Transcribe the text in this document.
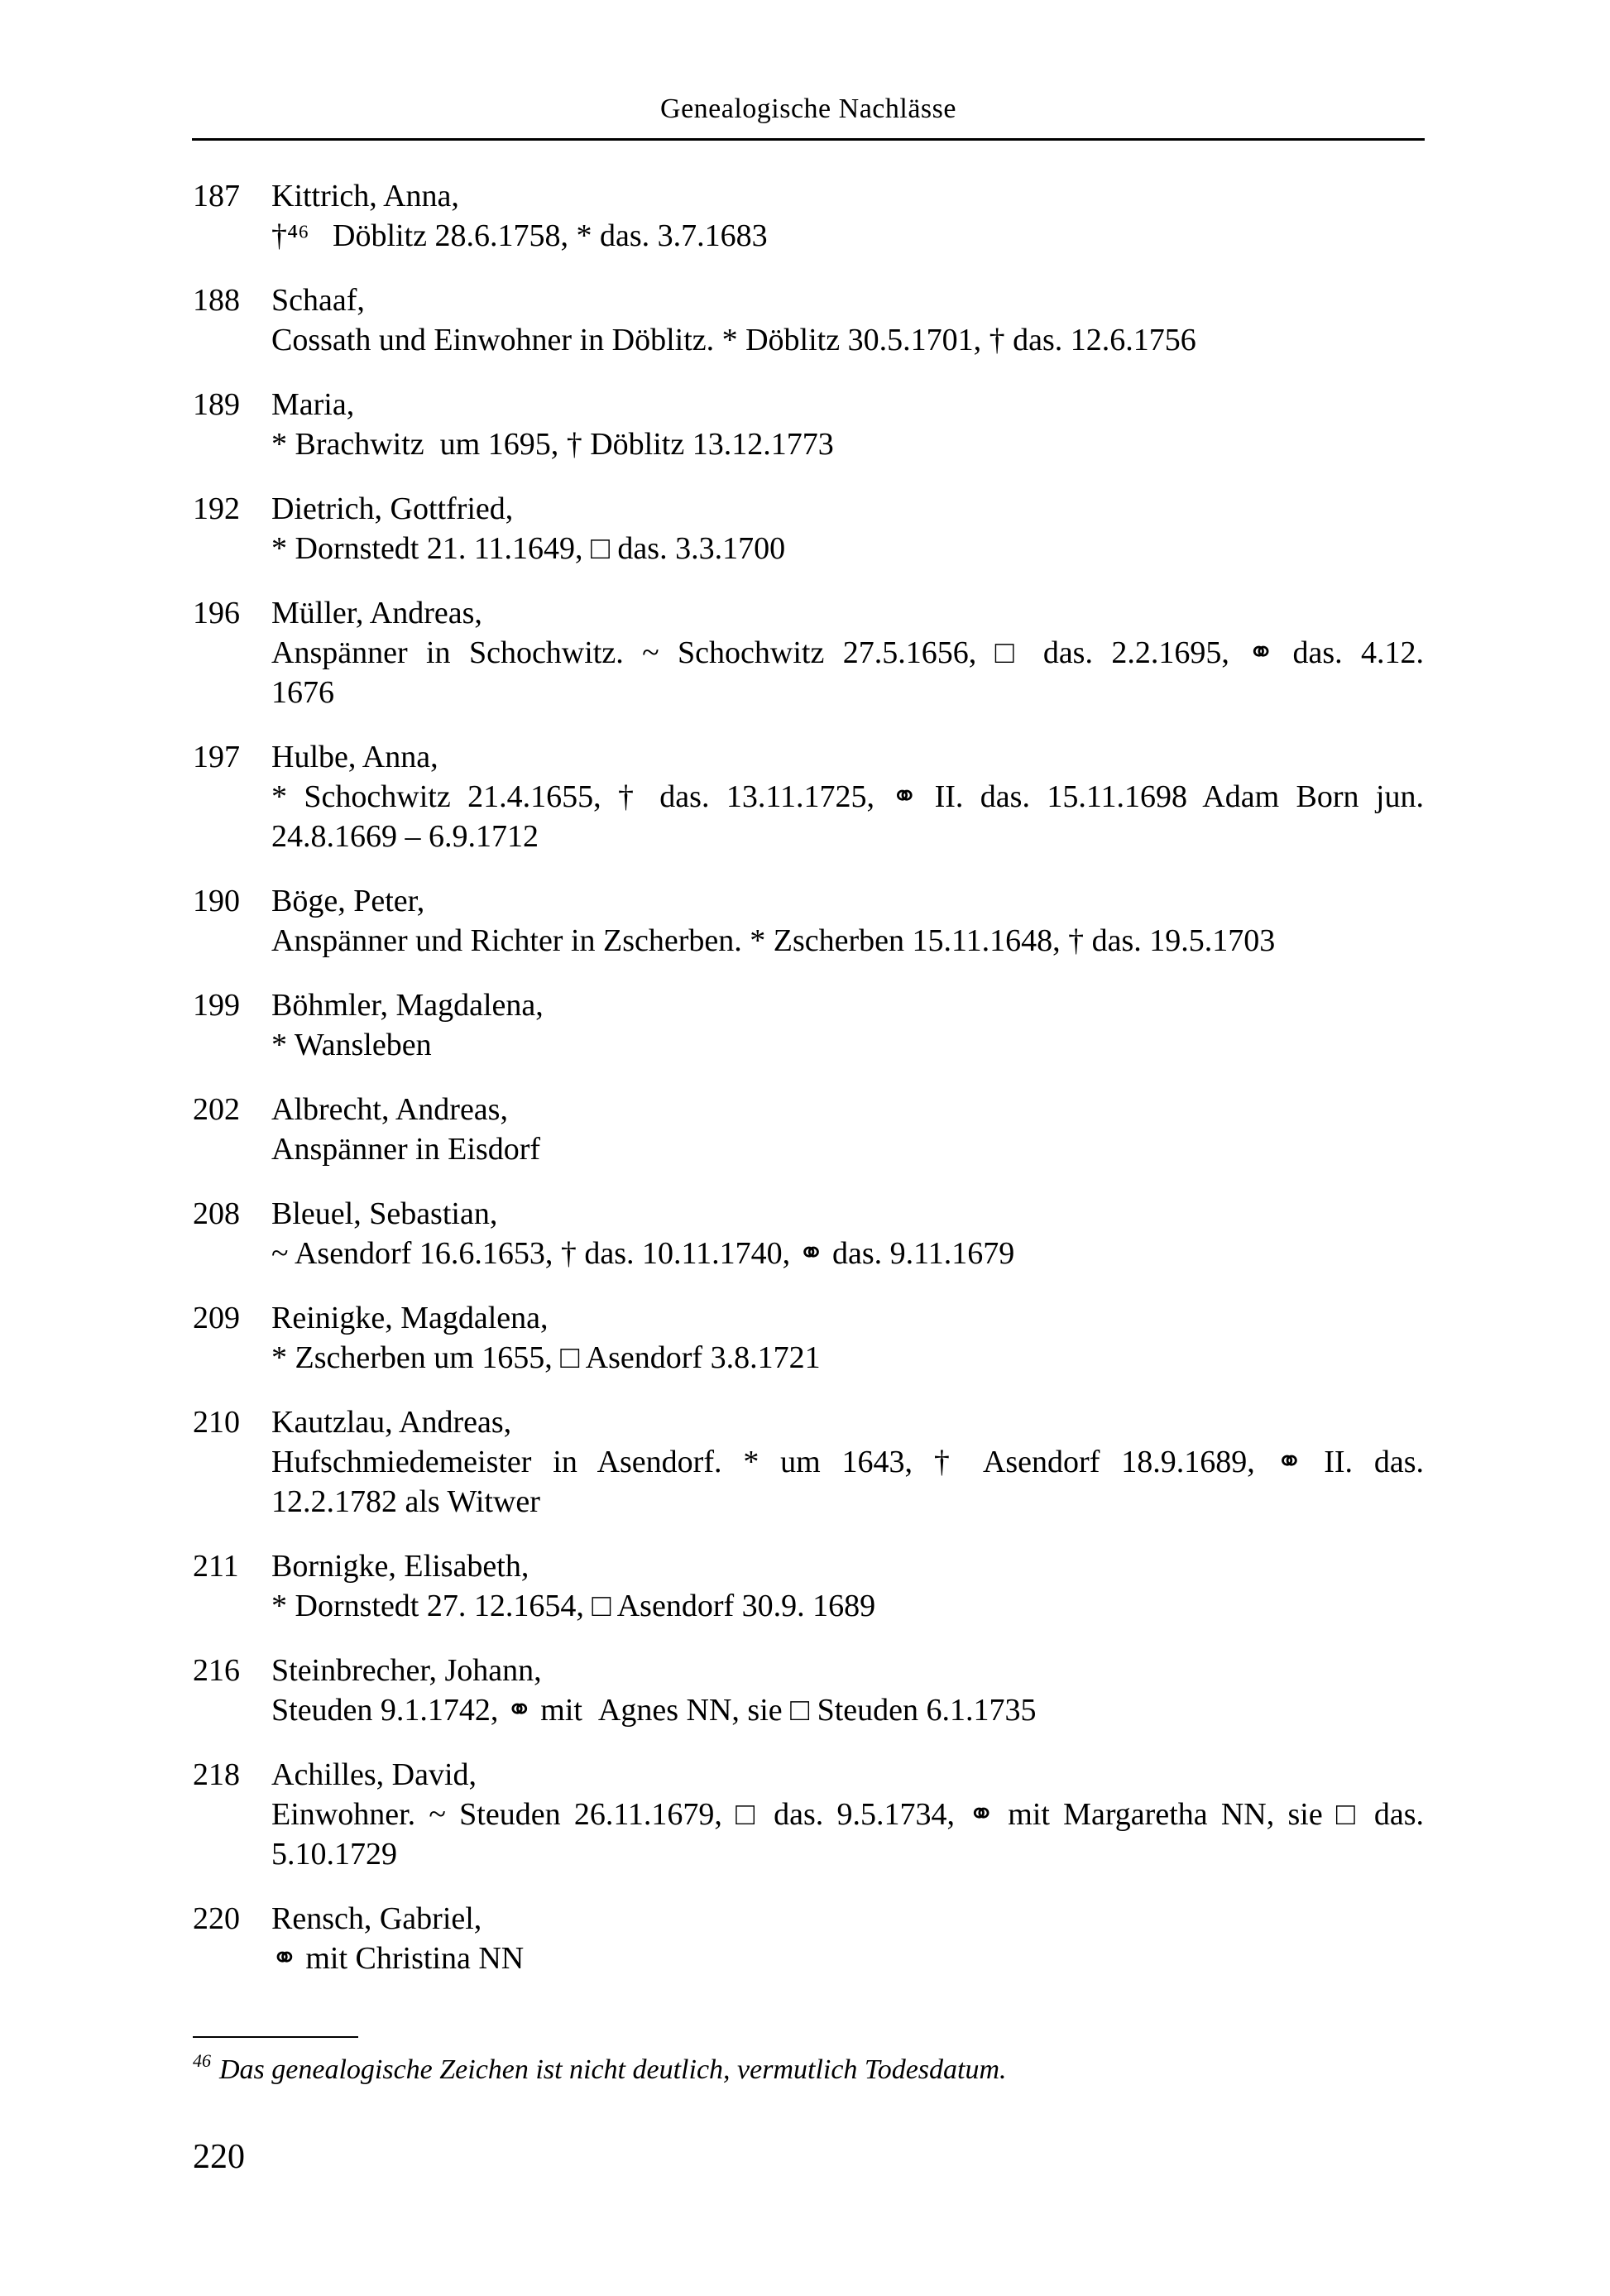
Genealogische Nachlässe
187	Kittrich, Anna,
†⁴⁶  Döblitz 28.6.1758, * das. 3.7.1683
188	Schaaf,
Cossath und Einwohner in Döblitz. * Döblitz 30.5.1701, † das. 12.6.1756
189	Maria,
* Brachwitz um 1695, † Döblitz 13.12.1773
192	Dietrich, Gottfried,
* Dornstedt 21. 11.1649, □ das. 3.3.1700
196	Müller, Andreas,
Anspänner in Schochwitz. ~ Schochwitz 27.5.1656, □ das. 2.2.1695, ⚭ das. 4.12.
1676
197	Hulbe, Anna,
* Schochwitz 21.4.1655, † das. 13.11.1725, ⚭ II. das. 15.11.1698 Adam Born jun.
24.8.1669 – 6.9.1712
190	Böge, Peter,
Anspänner und Richter in Zscherben. * Zscherben 15.11.1648, † das. 19.5.1703
199	Böhmler, Magdalena,
* Wansleben
202	Albrecht, Andreas,
Anspänner in Eisdorf
208	Bleuel, Sebastian,
~ Asendorf 16.6.1653, † das. 10.11.1740, ⚭ das. 9.11.1679
209	Reinigke, Magdalena,
* Zscherben um 1655, □ Asendorf 3.8.1721
210	Kautzlau, Andreas,
Hufschmiedemeister in Asendorf. * um 1643, † Asendorf 18.9.1689, ⚭ II. das.
12.2.1782 als Witwer
211	Bornigke, Elisabeth,
* Dornstedt 27. 12.1654, □ Asendorf 30.9. 1689
216	Steinbrecher, Johann,
Steuden 9.1.1742, ⚭ mit Agnes NN, sie □ Steuden 6.1.1735
218	Achilles, David,
Einwohner. ~ Steuden 26.11.1679, □ das. 9.5.1734, ⚭ mit Margaretha NN, sie □ das.
5.10.1729
220	Rensch, Gabriel,
⚭ mit Christina NN
$^{46}$ Das genealogische Zeichen ist nicht deutlich, vermutlich Todesdatum.
220
